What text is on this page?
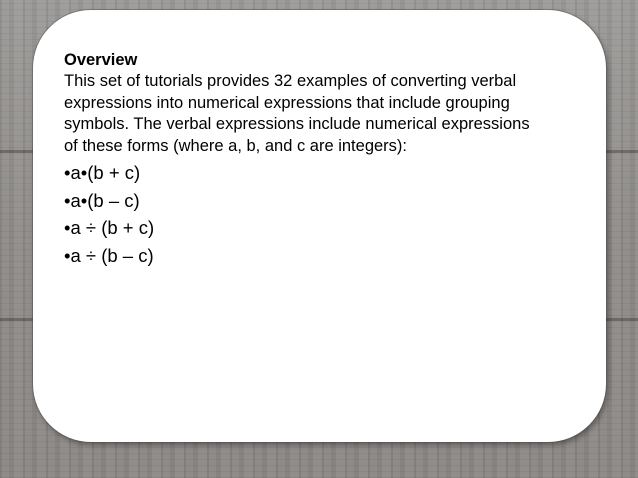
Overview

This set of tutorials provides 32 examples of converting verbal
expressions into numerical expressions that include grouping
symbols. The verbal expressions include numerical expressions
of these forms (where a, b, and c are integers):

•a•(b + c)
•a•(b – c)
•a ÷ (b + c)
•a ÷ (b – c)
